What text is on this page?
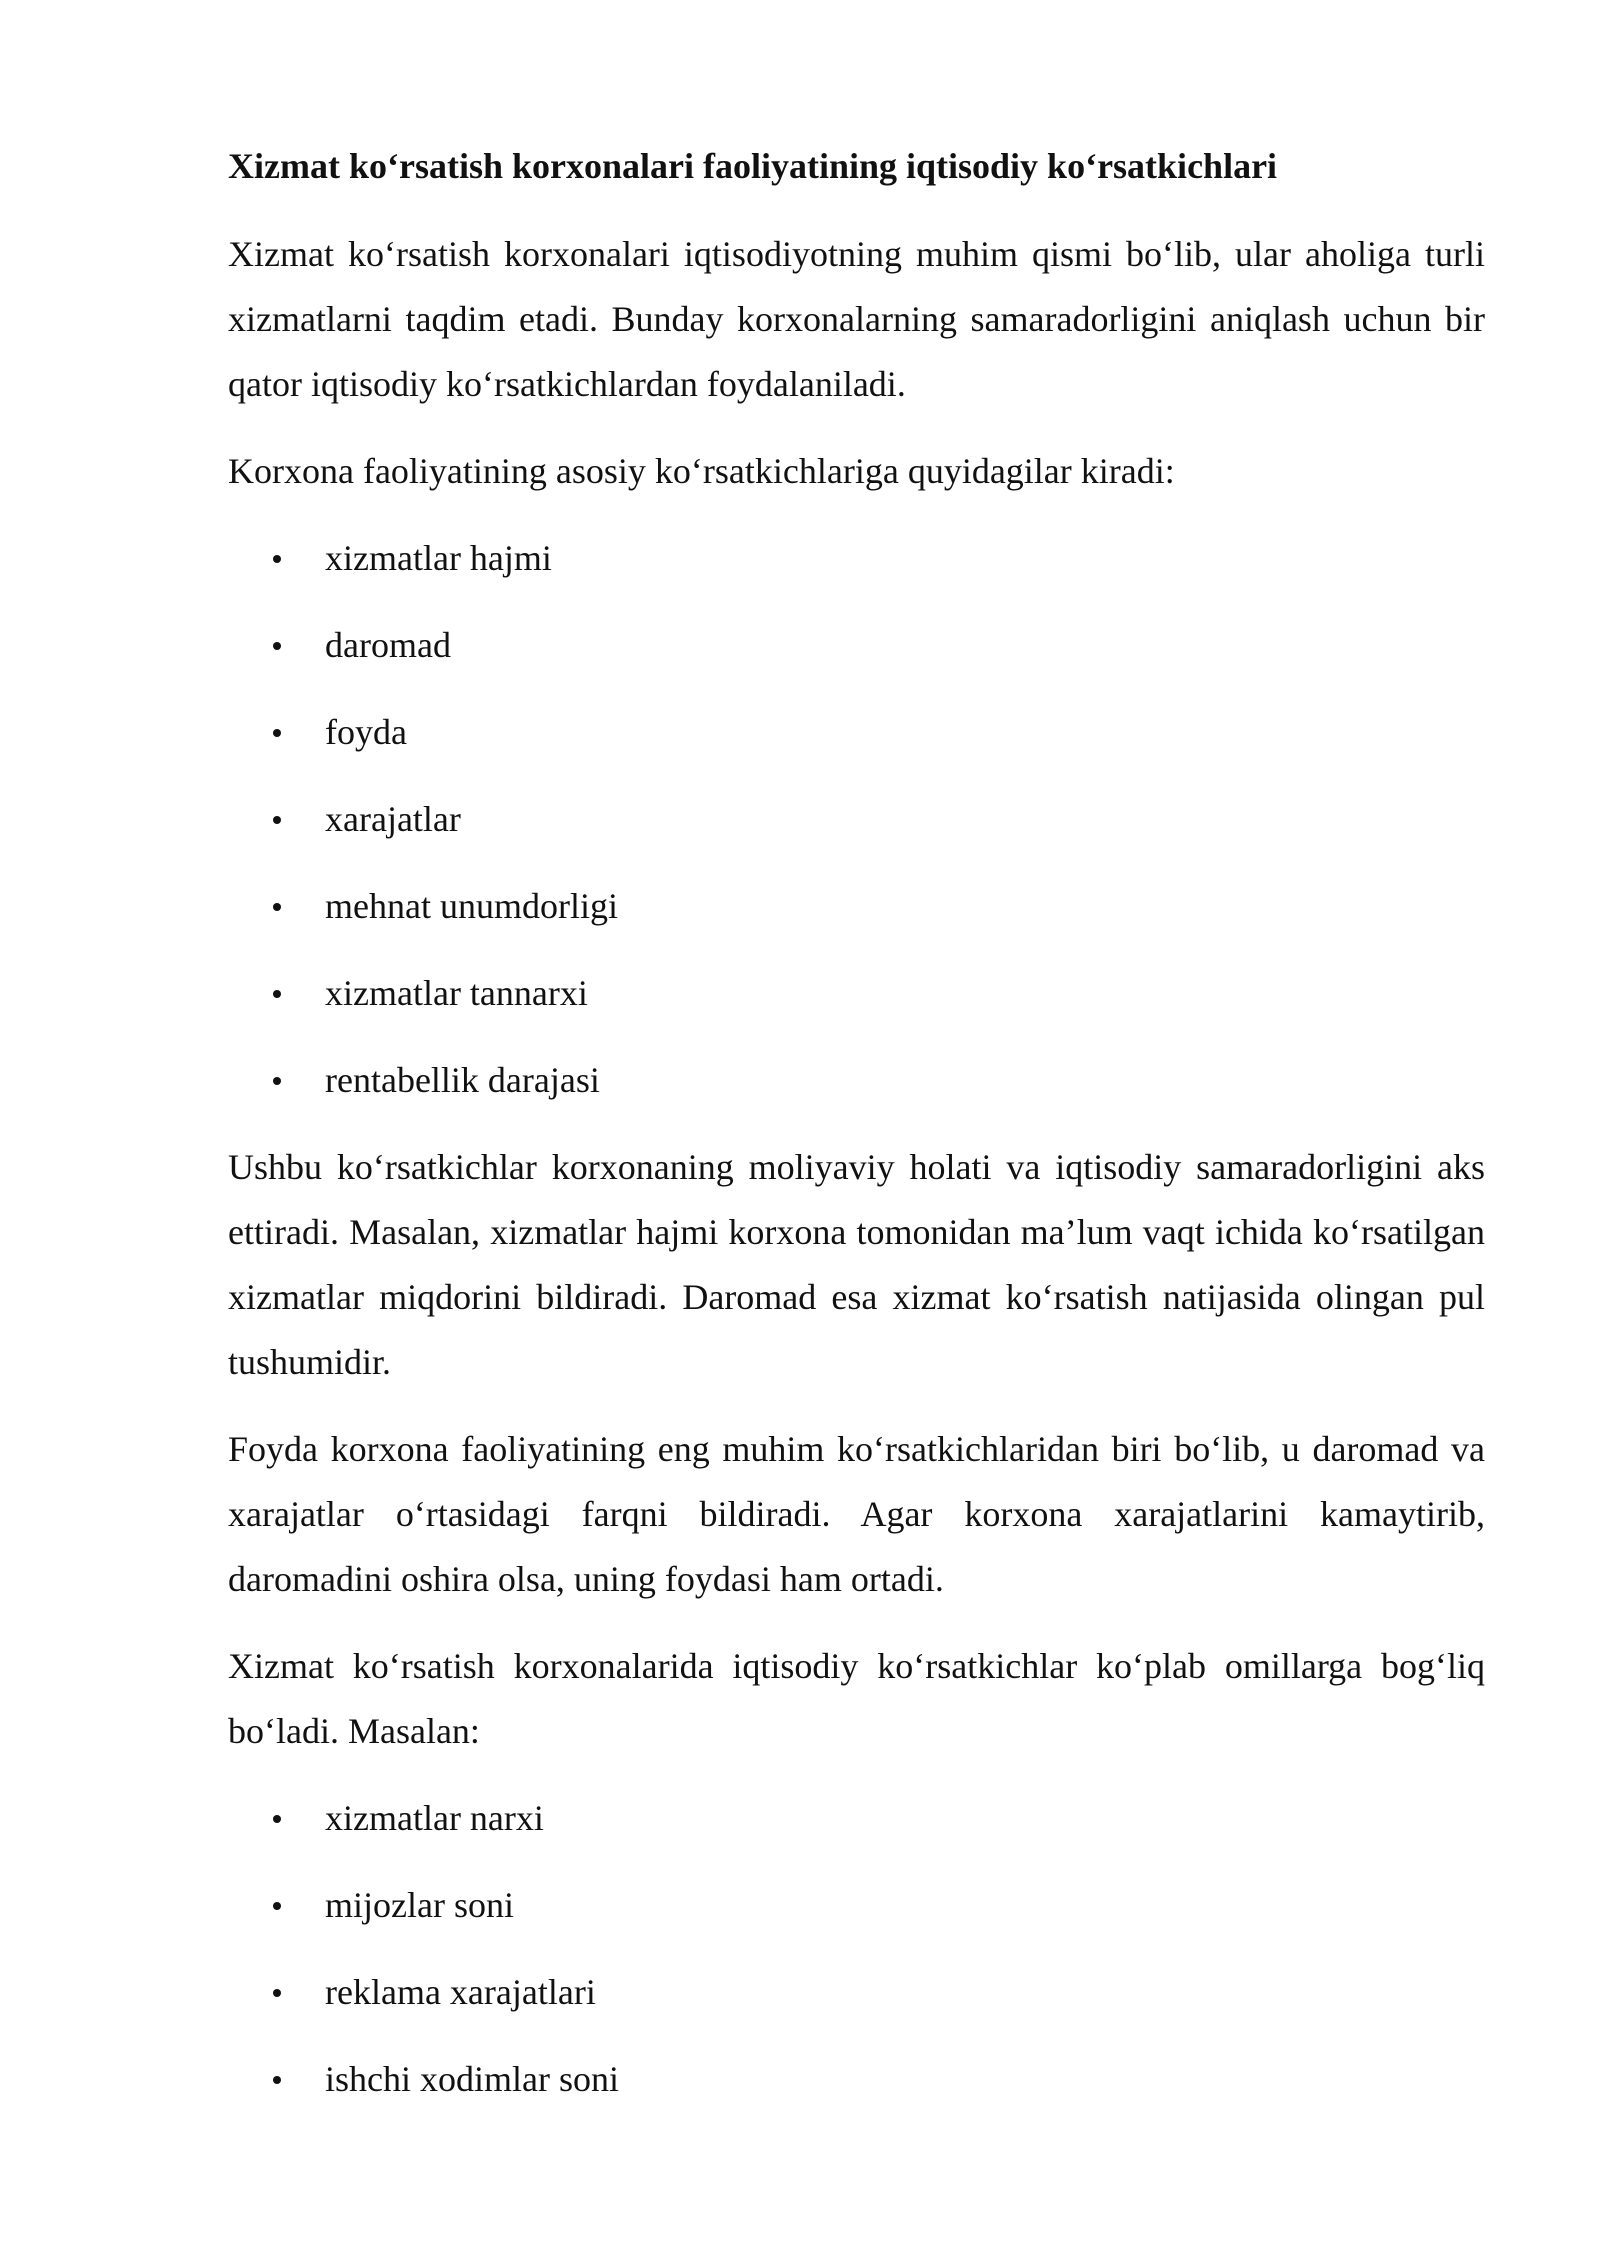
Xizmat ko‘rsatish korxonalari faoliyatining iqtisodiy ko‘rsatkichlari

Xizmat ko‘rsatish korxonalari iqtisodiyotning muhim qismi bo‘lib, ular aholiga turli xizmatlarni taqdim etadi. Bunday korxonalarning samaradorligini aniqlash uchun bir qator iqtisodiy ko‘rsatkichlardan foydalaniladi.

Korxona faoliyatining asosiy ko‘rsatkichlariga quyidagilar kiradi:

xizmatlar hajmi
daromad
foyda
xarajatlar
mehnat unumdorligi
xizmatlar tannarxi
rentabellik darajasi

Ushbu ko‘rsatkichlar korxonaning moliyaviy holati va iqtisodiy samaradorligini aks ettiradi. Masalan, xizmatlar hajmi korxona tomonidan ma’lum vaqt ichida ko‘rsatilgan xizmatlar miqdorini bildiradi. Daromad esa xizmat ko‘rsatish natijasida olingan pul tushumidir.

Foyda korxona faoliyatining eng muhim ko‘rsatkichlaridan biri bo‘lib, u daromad va xarajatlar o‘rtasidagi farqni bildiradi. Agar korxona xarajatlarini kamaytirib, daromadini oshira olsa, uning foydasi ham ortadi.

Xizmat ko‘rsatish korxonalarida iqtisodiy ko‘rsatkichlar ko‘plab omillarga bog‘liq bo‘ladi. Masalan:

xizmatlar narxi
mijozlar soni
reklama xarajatlari
ishchi xodimlar soni
